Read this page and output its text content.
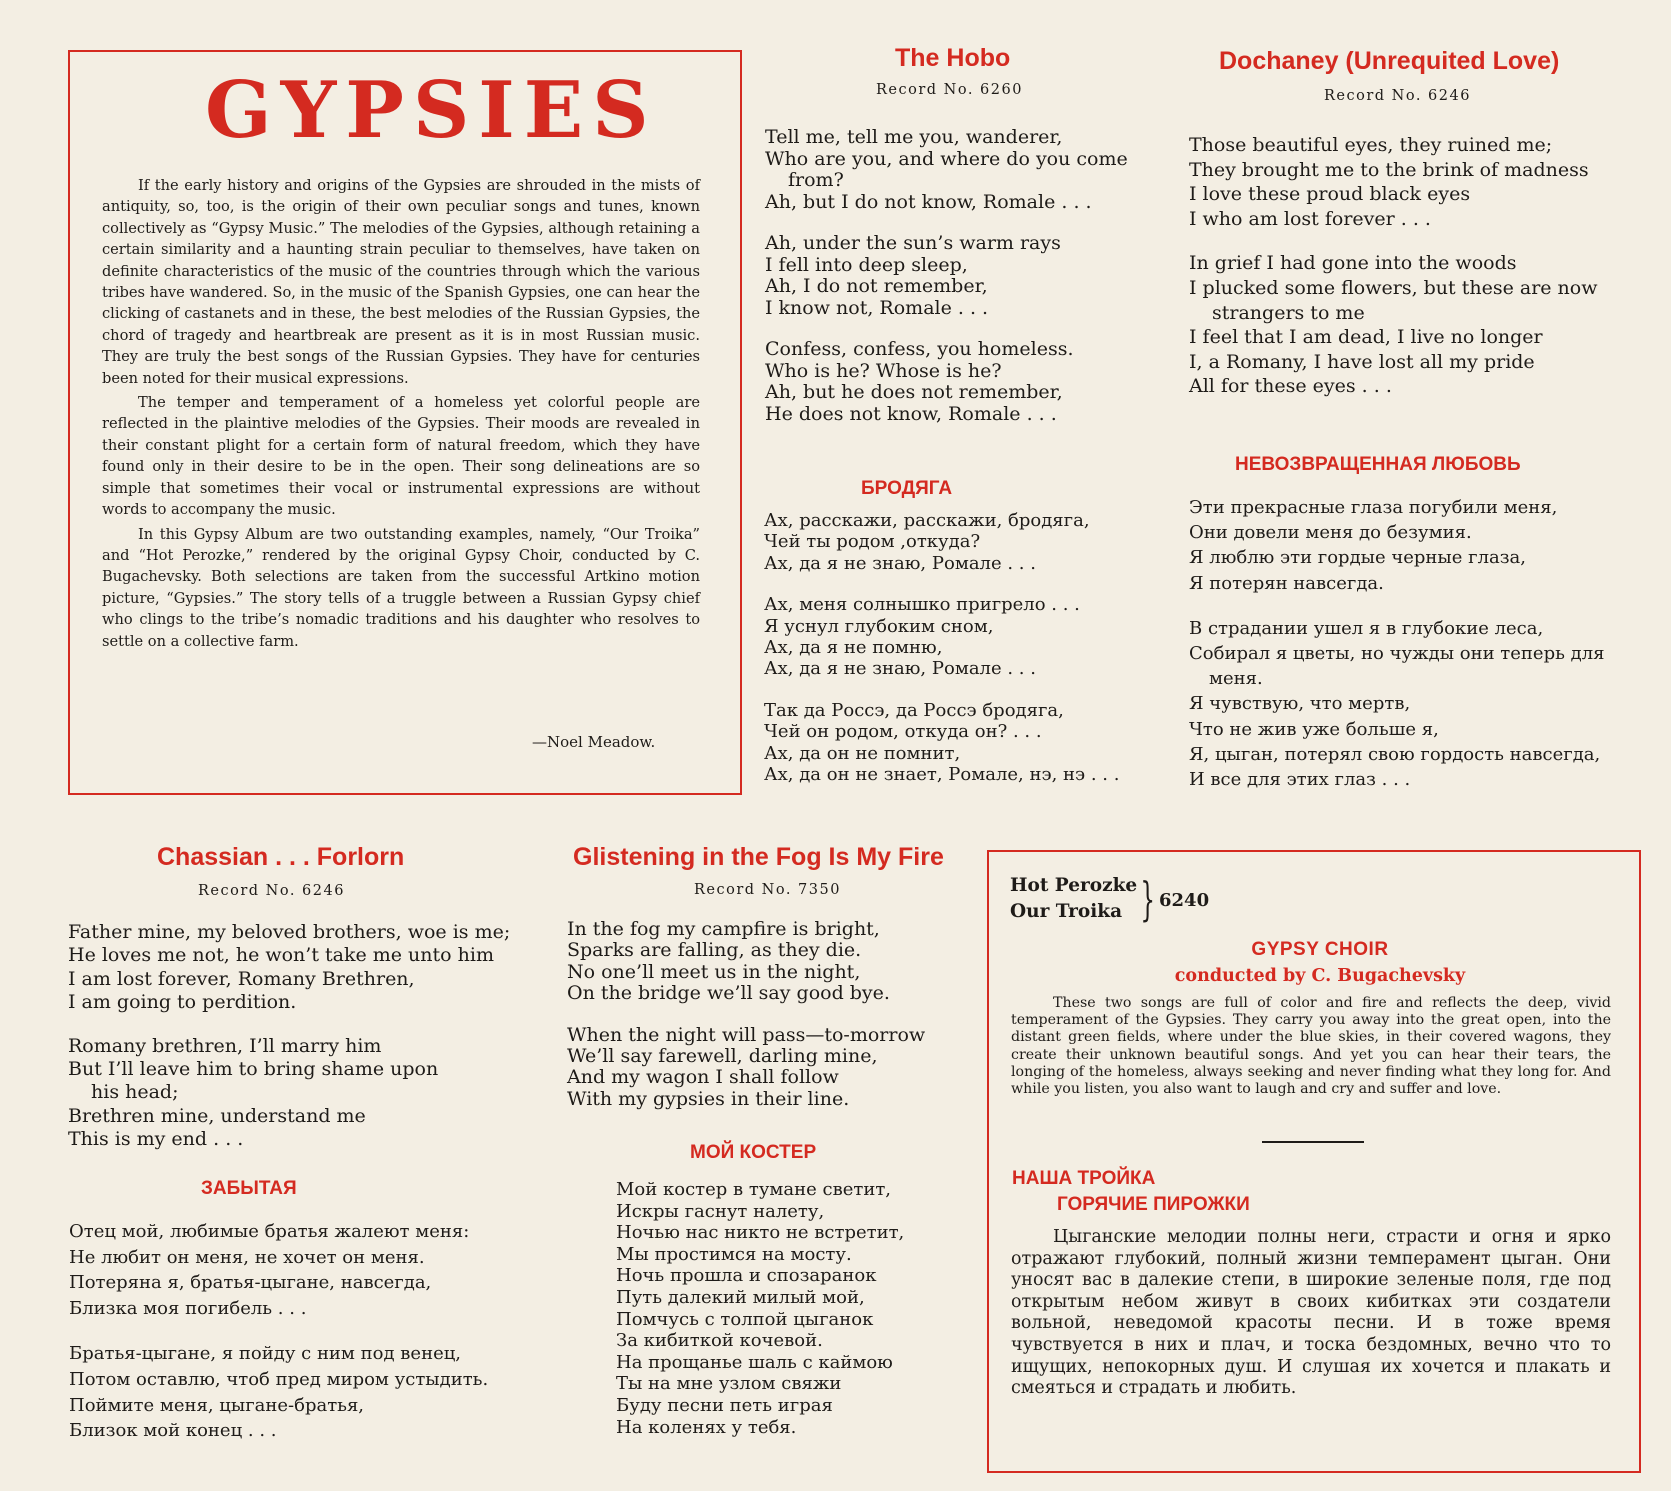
GYPSIES

If the early history and origins of the Gypsies are shrouded in the mists of antiquity, so, too, is the origin of their own peculiar songs and tunes, known collectively as “Gypsy Music.” The melodies of the Gypsies, although retaining a certain similarity and a haunting strain peculiar to themselves, have taken on definite characteristics of the music of the countries through which the various tribes have wandered. So, in the music of the Spanish Gypsies, one can hear the clicking of castanets and in these, the best melodies of the Russian Gypsies, the chord of tragedy and heartbreak are present as it is in most Russian music. They are truly the best songs of the Russian Gypsies. They have for centuries been noted for their musical expressions.

The temper and temperament of a homeless yet colorful people are reflected in the plaintive melodies of the Gypsies. Their moods are revealed in their constant plight for a certain form of natural freedom, which they have found only in their desire to be in the open. Their song delineations are so simple that sometimes their vocal or instrumental expressions are without words to accompany the music.

In this Gypsy Album are two outstanding examples, namely, “Our Troika” and “Hot Perozke,” rendered by the original Gypsy Choir, conducted by C. Bugachevsky. Both selections are taken from the successful Artkino motion picture, “Gypsies.” The story tells of a truggle between a Russian Gypsy chief who clings to the tribe’s nomadic traditions and his daughter who resolves to settle on a collective farm.

—Noel Meadow.
The Hobo
Record No. 6260
Tell me, tell me you, wanderer,
Who are you, and where do you come
from?
Ah, but I do not know, Romale . . .
Ah, under the sun’s warm rays
I fell into deep sleep,
Ah, I do not remember,
I know not, Romale . . .
Confess, confess, you homeless.
Who is he? Whose is he?
Ah, but he does not remember,
He does not know, Romale . . .
БРОДЯГА
Ах, расскажи, расскажи, бродяга,
Чей ты родом ,откуда?
Ах, да я не знаю, Ромале . . .
Ах, меня солнышко пригрело . . .
Я уснул глубоким сном,
Ах, да я не помню,
Ах, да я не знаю, Ромале . . .
Так да Россэ, да Россэ бродяга,
Чей он родом, откуда он? . . .
Ах, да он не помнит,
Ах, да он не знает, Ромале, нэ, нэ . . .
Dochaney (Unrequited Love)
Record No. 6246
Those beautiful eyes, they ruined me;
They brought me to the brink of madness
I love these proud black eyes
I who am lost forever . . .
In grief I had gone into the woods
I plucked some flowers, but these are now
strangers to me
I feel that I am dead, I live no longer
I, a Romany, I have lost all my pride
All for these eyes . . .
НЕВОЗВРАЩЕННАЯ ЛЮБОВЬ
Эти прекрасные глаза погубили меня,
Они довели меня до безумия.
Я люблю эти гордые черные глаза,
Я потерян навсегда.
В страдании ушел я в глубокие леса,
Собирал я цветы, но чужды они теперь для
меня.
Я чувствую, что мертв,
Что не жив уже больше я,
Я, цыган, потерял свою гордость навсегда,
И все для этих глаз . . .
Chassian . . . Forlorn
Record No. 6246
Father mine, my beloved brothers, woe is me;
He loves me not, he won’t take me unto him
I am lost forever, Romany Brethren,
I am going to perdition.
Romany brethren, I’ll marry him
But I’ll leave him to bring shame upon
his head;
Brethren mine, understand me
This is my end . . .
ЗАБЫТАЯ
Отец мой, любимые братья жалеют меня:
Не любит он меня, не хочет он меня.
Потеряна я, братья-цыгане, навсегда,
Близка моя погибель . . .
Братья-цыгане, я пойду с ним под венец,
Потом оставлю, чтоб пред миром устыдить.
Поймите меня, цыгане-братья,
Близок мой конец . . .
Glistening in the Fog Is My Fire
Record No. 7350
In the fog my campfire is bright,
Sparks are falling, as they die.
No one’ll meet us in the night,
On the bridge we’ll say good bye.
When the night will pass—to-morrow
We’ll say farewell, darling mine,
And my wagon I shall follow
With my gypsies in their line.
МОЙ КОСТЕР
Мой костер в тумане светит,
Искры гаснут налету,
Ночью нас никто не встретит,
Мы простимся на мосту.
Ночь прошла и спозаранок
Путь далекий милый мой,
Помчусь с толпой цыганок
За кибиткой кочевой.
На прощанье шаль с каймою
Ты на мне узлом свяжи
Буду песни петь играя
На коленях у тебя.
Hot Perozke
Our Troika } 6240
GYPSY CHOIR
conducted by C. Bugachevsky

These two songs are full of color and fire and reflects the deep, vivid temperament of the Gypsies. They carry you away into the great open, into the distant green fields, where under the blue skies, in their covered wagons, they create their unknown beautiful songs. And yet you can hear their tears, the longing of the homeless, always seeking and never finding what they long for. And while you listen, you also want to laugh and cry and suffer and love.

НАША ТРОЙКА
ГОРЯЧИЕ ПИРОЖКИ

Цыганские мелодии полны неги, страсти и огня и ярко отражают глубокий, полный жизни темперамент цыган. Они уносят вас в далекие степи, в широкие зеленые поля, где под открытым небом живут в своих кибитках эти создатели вольной, неведомой красоты песни. И в тоже время чувствуется в них и плач, и тоска бездомных, вечно что то ищущих, непокорных душ. И слушая их хочется и плакать и смеяться и страдать и любить.
